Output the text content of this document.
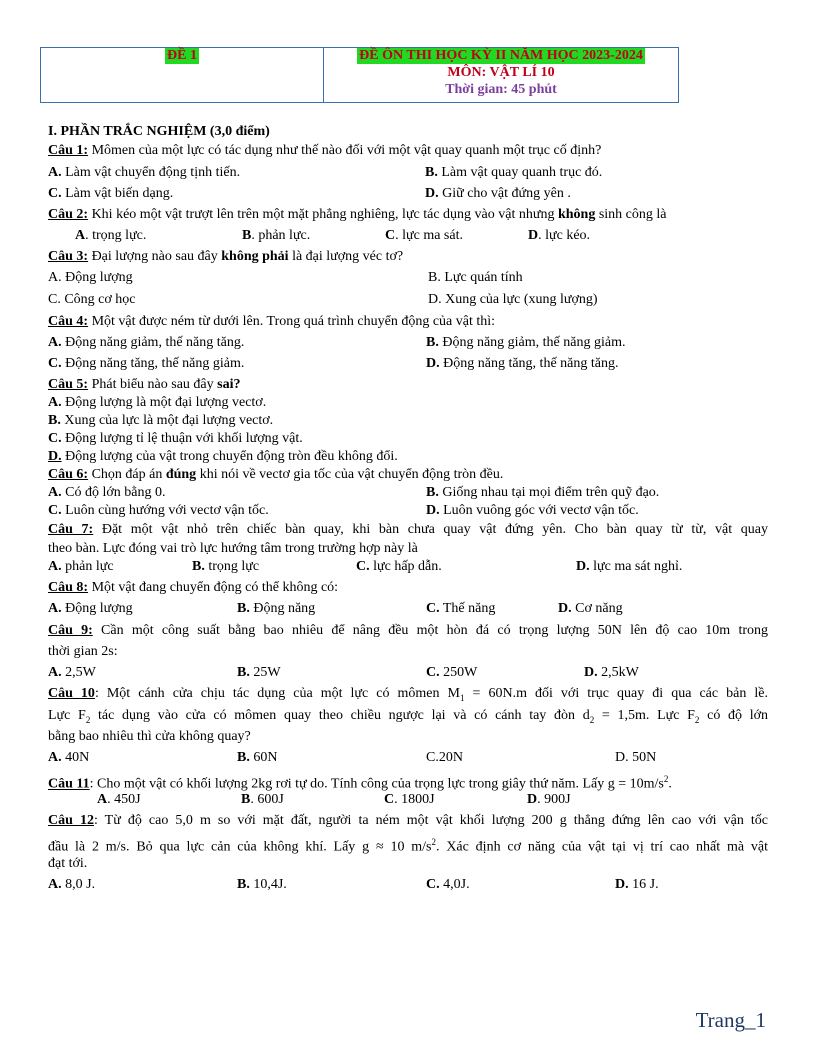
ĐỀ 1	ĐỀ ÔN THI HỌC KỲ II NĂM HỌC 2023-2024
MÔN: VẬT LÍ 10
Thời gian: 45 phút
I. PHẦN TRẮC NGHIỆM (3,0 điểm)
Câu 1: Mômen của một lực có tác dụng như thế nào đối với một vật quay quanh một trục cố định?
A. Làm vật chuyển động tịnh tiến.	B. Làm vật quay quanh trục đó.
C. Làm vật biến dạng.	D. Giữ cho vật đứng yên .
Câu 2: Khi kéo một vật trượt lên trên một mặt phẳng nghiêng, lực tác dụng vào vật nhưng không sinh công là
A. trọng lực.	B. phản lực.	C. lực ma sát.	D. lực kéo.
Câu 3: Đại lượng nào sau đây không phải là đại lượng véc tơ?
A. Động lượng	B. Lực quán tính
C. Công cơ học	D. Xung của lực (xung lượng)
Câu 4: Một vật được ném từ dưới lên. Trong quá trình chuyển động của vật thì:
A. Động năng giảm, thế năng tăng.	B. Động năng giảm, thế năng giảm.
C. Động năng tăng, thế năng giảm.	D. Động năng tăng, thế năng tăng.
Câu 5: Phát biểu nào sau đây sai?
A. Động lượng là một đại lượng vectơ.
B. Xung của lực là một đại lượng vectơ.
C. Động lượng tỉ lệ thuận với khối lượng vật.
D. Động lượng của vật trong chuyển động tròn đều không đổi.
Câu 6: Chọn đáp án đúng khi nói về vectơ gia tốc của vật chuyển động tròn đều.
A. Có độ lớn bằng 0.	B. Giống nhau tại mọi điểm trên quỹ đạo.
C. Luôn cùng hướng với vectơ vận tốc.	D. Luôn vuông góc với vectơ vận tốc.
Câu 7: Đặt một vật nhỏ trên chiếc bàn quay, khi bàn chưa quay vật đứng yên. Cho bàn quay từ từ, vật quay
theo bàn. Lực đóng vai trò lực hướng tâm trong trường hợp này là
A. phản lực	B. trọng lực	C. lực hấp dẫn.	D. lực ma sát nghỉ.
Câu 8: Một vật đang chuyển động có thể không có:
A. Động lượng	B. Động năng	C. Thế năng	D. Cơ năng
Câu 9: Cần một công suất bằng bao nhiêu để nâng đều một hòn đá có trọng lượng 50N lên độ cao 10m trong
thời gian 2s:
A. 2,5W	B. 25W	C. 250W	D. 2,5kW
Câu 10: Một cánh cửa chịu tác dụng của một lực có mômen $M_1 = 60N.m$ đối với trục quay đi qua các bản lề.
Lực $F_2$ tác dụng vào cửa có mômen quay theo chiều ngược lại và có cánh tay đòn $d_2 = 1,5m$. Lực $F_2$ có độ lớn
bằng bao nhiêu thì cửa không quay?
A. 40N	B. 60N	C.20N	D. 50N
Câu 11: Cho một vật có khối lượng 2kg rơi tự do. Tính công của trọng lực trong giây thứ năm. Lấy $g = 10m/s^2$.
A. 450J	B. 600J	C. 1800J	D. 900J
Câu 12: Từ độ cao 5,0 m so với mặt đất, người ta ném một vật khối lượng 200 g thẳng đứng lên cao với vận tốc
đầu là 2 m/s. Bỏ qua lực cản của không khí. Lấy g ≈ 10 $m/s^2$. Xác định cơ năng của vật tại vị trí cao nhất mà vật
đạt tới.
A. 8,0 J.	B. 10,4J.	C. 4,0J.	D. 16 J.
Trang_1
